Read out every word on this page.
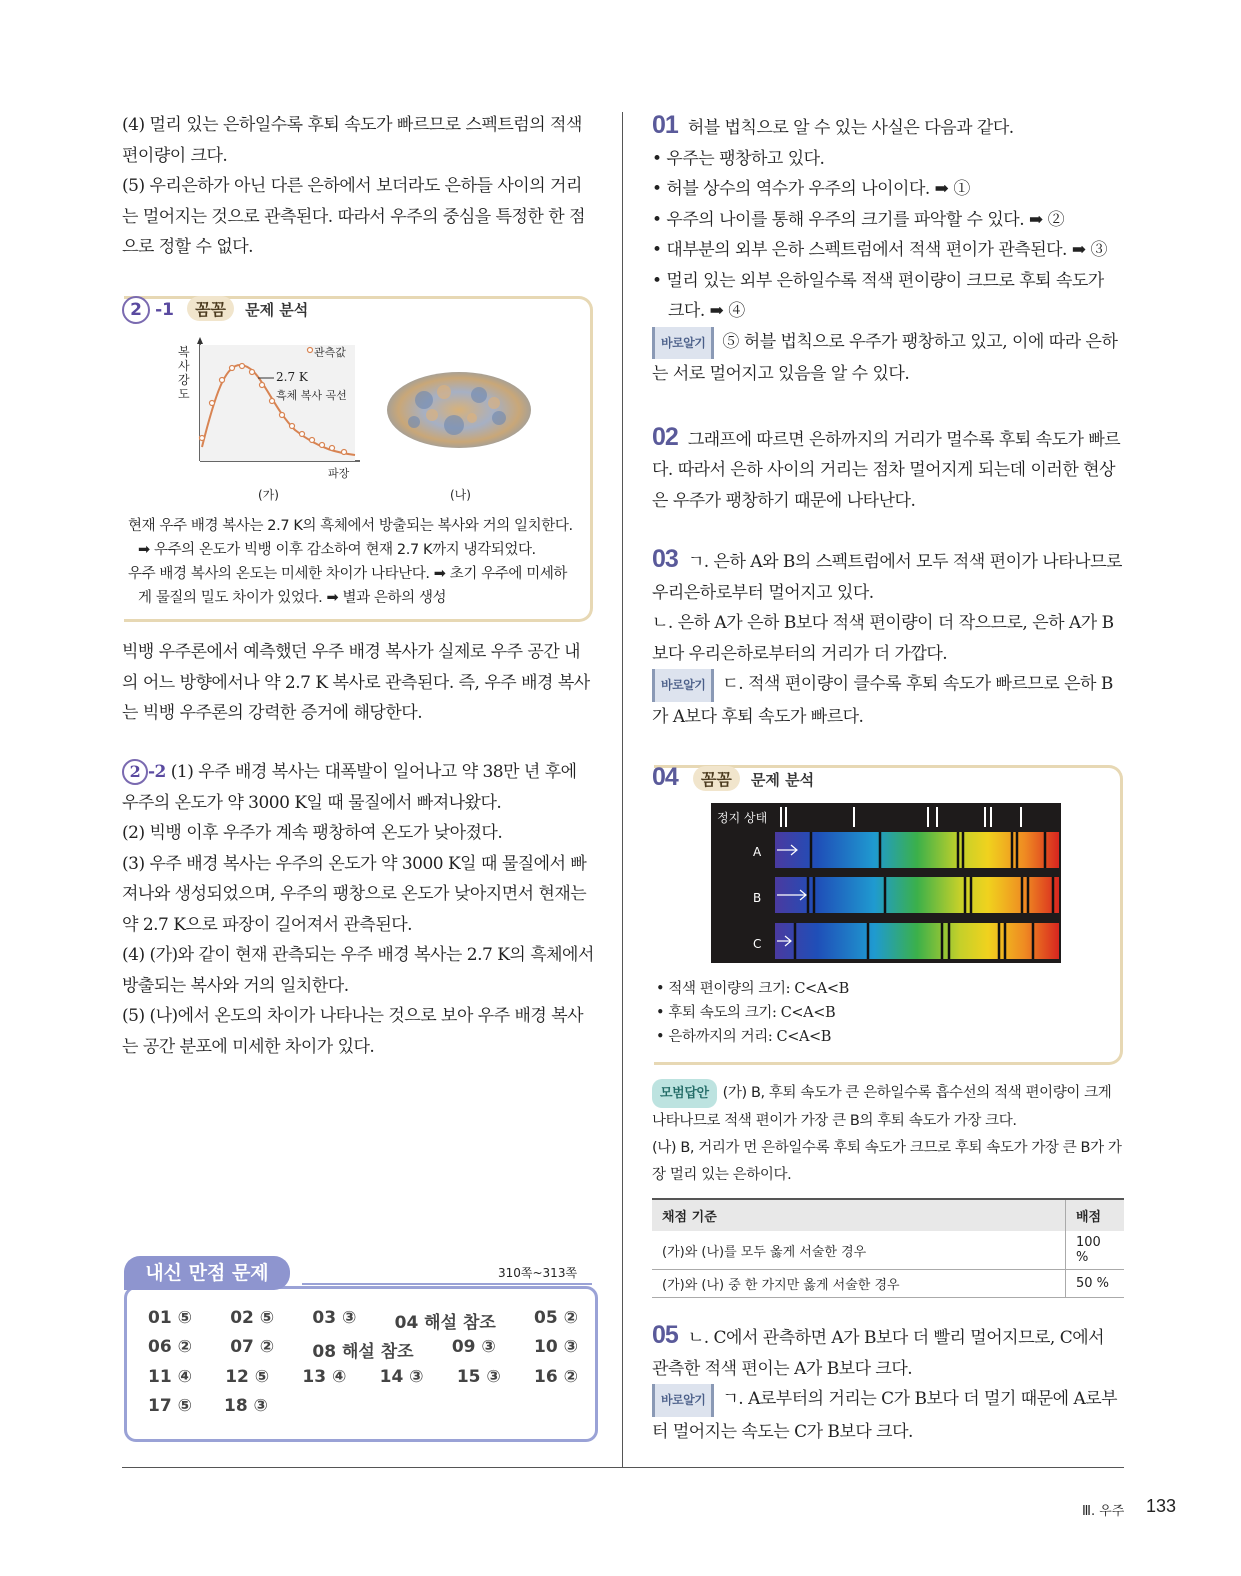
(4) 멀리 있는 은하일수록 후퇴 속도가 빠르므로 스펙트럼의 적색 편이량이 크다.

(5) 우리은하가 아닌 다른 은하에서 보더라도 은하들 사이의 거리는 멀어지는 것으로 관측된다. 따라서 우주의 중심을 특정한 한 점으로 정할 수 없다.

2 -1 꼼꼼 문제 분석
복사강도
관측값
2.7 K
흑체 복사 곡선
파장
(가)	(나)
현재 우주 배경 복사는 2.7 K의 흑체에서 방출되는 복사와 거의 일치한다. ➡ 우주의 온도가 빅뱅 이후 감소하여 현재 2.7 K까지 냉각되었다.
우주 배경 복사의 온도는 미세한 차이가 나타난다. ➡ 초기 우주에 미세하게 물질의 밀도 차이가 있었다. ➡ 별과 은하의 생성

빅뱅 우주론에서 예측했던 우주 배경 복사가 실제로 우주 공간 내의 어느 방향에서나 약 2.7 K 복사로 관측된다. 즉, 우주 배경 복사는 빅뱅 우주론의 강력한 증거에 해당한다.

2 -2 (1) 우주 배경 복사는 대폭발이 일어나고 약 38만 년 후에 우주의 온도가 약 3000 K일 때 물질에서 빠져나왔다.

(2) 빅뱅 이후 우주가 계속 팽창하여 온도가 낮아졌다.

(3) 우주 배경 복사는 우주의 온도가 약 3000 K일 때 물질에서 빠져나와 생성되었으며, 우주의 팽창으로 온도가 낮아지면서 현재는 약 2.7 K으로 파장이 길어져서 관측된다.

(4) (가)와 같이 현재 관측되는 우주 배경 복사는 2.7 K의 흑체에서 방출되는 복사와 거의 일치한다.

(5) (나)에서 온도의 차이가 나타나는 것으로 보아 우주 배경 복사는 공간 분포에 미세한 차이가 있다.

내신 만점 문제	310쪽~313쪽
01 ⑤ 02 ⑤ 03 ③ 04 해설 참조 05 ②
06 ② 07 ② 08 해설 참조 09 ③ 10 ③
11 ④ 12 ⑤ 13 ④ 14 ③ 15 ③ 16 ②
17 ⑤ 18 ③

01 허블 법칙으로 알 수 있는 사실은 다음과 같다.

• 우주는 팽창하고 있다.

• 허블 상수의 역수가 우주의 나이이다. ➡ ①

• 우주의 나이를 통해 우주의 크기를 파악할 수 있다. ➡ ②

• 대부분의 외부 은하 스펙트럼에서 적색 편이가 관측된다. ➡ ③

• 멀리 있는 외부 은하일수록 적색 편이량이 크므로 후퇴 속도가 크다. ➡ ④

바로알기 ⑤ 허블 법칙으로 우주가 팽창하고 있고, 이에 따라 은하는 서로 멀어지고 있음을 알 수 있다.

02 그래프에 따르면 은하까지의 거리가 멀수록 후퇴 속도가 빠르다. 따라서 은하 사이의 거리는 점차 멀어지게 되는데 이러한 현상은 우주가 팽창하기 때문에 나타난다.

03 ㄱ. 은하 A와 B의 스펙트럼에서 모두 적색 편이가 나타나므로 우리은하로부터 멀어지고 있다.

ㄴ. 은하 A가 은하 B보다 적색 편이량이 더 작으므로, 은하 A가 B보다 우리은하로부터의 거리가 더 가깝다.

바로알기 ㄷ. 적색 편이량이 클수록 후퇴 속도가 빠르므로 은하 B가 A보다 후퇴 속도가 빠르다.

04 꼼꼼 문제 분석
정지 상태
A
B
C
• 적색 편이량의 크기: C<A<B
• 후퇴 속도의 크기: C<A<B
• 은하까지의 거리: C<A<B
모범답안 (가) B, 후퇴 속도가 큰 은하일수록 흡수선의 적색 편이량이 크게 나타나므로 적색 편이가 가장 큰 B의 후퇴 속도가 가장 크다.
(나) B, 거리가 먼 은하일수록 후퇴 속도가 크므로 후퇴 속도가 가장 큰 B가 가장 멀리 있는 은하이다.
채점 기준	배점
(가)와 (나)를 모두 옳게 서술한 경우	100 %
(가)와 (나) 중 한 가지만 옳게 서술한 경우	50 %

05 ㄴ. C에서 관측하면 A가 B보다 더 빨리 멀어지므로, C에서 관측한 적색 편이는 A가 B보다 크다.

바로알기 ㄱ. A로부터의 거리는 C가 B보다 더 멀기 때문에 A로부터 멀어지는 속도는 C가 B보다 크다.

Ⅲ. 우주 133
